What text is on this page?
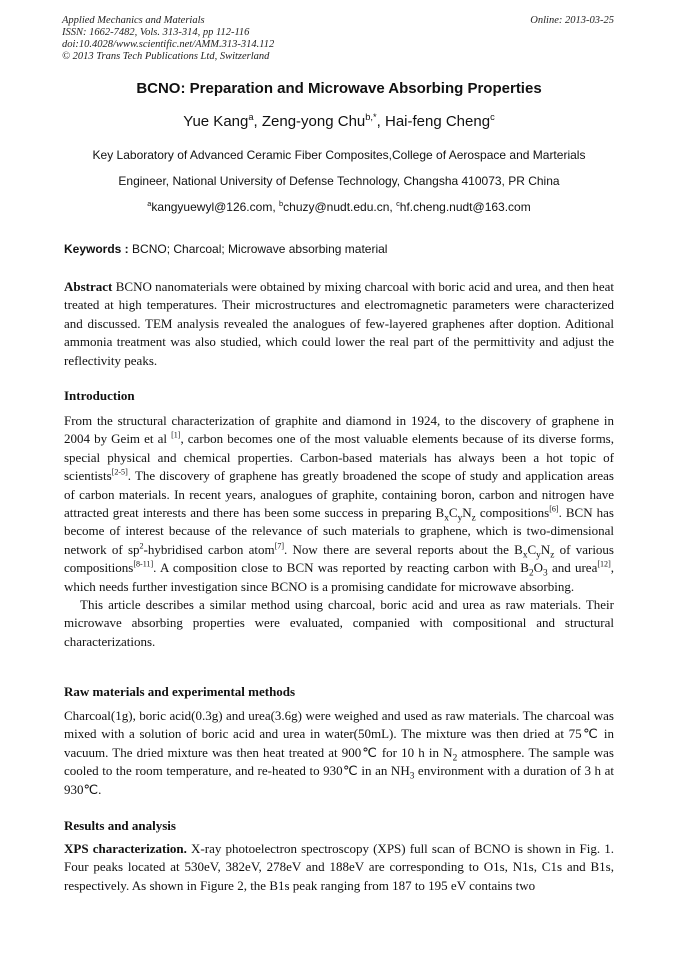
Applied Mechanics and Materials	Online: 2013-03-25
ISSN: 1662-7482, Vols. 313-314, pp 112-116
doi:10.4028/www.scientific.net/AMM.313-314.112
© 2013 Trans Tech Publications Ltd, Switzerland
BCNO: Preparation and Microwave Absorbing Properties
Yue Kang$^a$, Zeng-yong Chu$^{b,*}$, Hai-feng Cheng$^c$
Key Laboratory of Advanced Ceramic Fiber Composites,College of Aerospace and Marterials
Engineer, National University of Defense Technology, Changsha 410073, PR China
$^a$kangyuewyl@126.com, $^b$chuzy@nudt.edu.cn, $^c$hf.cheng.nudt@163.com
Keywords : BCNO; Charcoal; Microwave absorbing material
Abstract BCNO nanomaterials were obtained by mixing charcoal with boric acid and urea, and then heat treated at high temperatures. Their microstructures and electromagnetic parameters were characterized and discussed. TEM analysis revealed the analogues of few-layered graphenes after doption. Aditional ammonia treatment was also studied, which could lower the real part of the permittivity and adjust the reflectivity peaks.
Introduction
From the structural characterization of graphite and diamond in 1924, to the discovery of graphene in 2004 by Geim et al [1], carbon becomes one of the most valuable elements because of its diverse forms, special physical and chemical properties. Carbon-based materials has always been a hot topic of scientists[2-5]. The discovery of graphene has greatly broadened the scope of study and application areas of carbon materials. In recent years, analogues of graphite, containing boron, carbon and nitrogen have attracted great interests and there has been some success in preparing $B_xC_yN_z$ compositions[6]. BCN has become of interest because of the relevance of such materials to graphene, which is two-dimensional network of $sp^2$-hybridised carbon atom[7]. Now there are several reports about the $B_xC_yN_z$ of various compositions[8-11]. A composition close to BCN was reported by reacting carbon with $B_2O_3$ and urea[12], which needs further investigation since BCNO is a promising candidate for microwave absorbing.
This article describes a similar method using charcoal, boric acid and urea as raw materials. Their microwave absorbing properties were evaluated, companied with compositional and structural characterizations.
Raw materials and experimental methods
Charcoal(1g), boric acid(0.3g) and urea(3.6g) were weighed and used as raw materials. The charcoal was mixed with a solution of boric acid and urea in water(50mL). The mixture was then dried at 75℃ in vacuum. The dried mixture was then heat treated at 900℃ for 10 h in $N_2$ atmosphere. The sample was cooled to the room temperature, and re-heated to 930℃ in an $NH_3$ environment with a duration of 3 h at 930℃.
Results and analysis
XPS characterization. X-ray photoelectron spectroscopy (XPS) full scan of BCNO is shown in Fig. 1. Four peaks located at 530eV, 382eV, 278eV and 188eV are corresponding to O1s, N1s, C1s and B1s, respectively. As shown in Figure 2, the B1s peak ranging from 187 to 195 eV contains two
